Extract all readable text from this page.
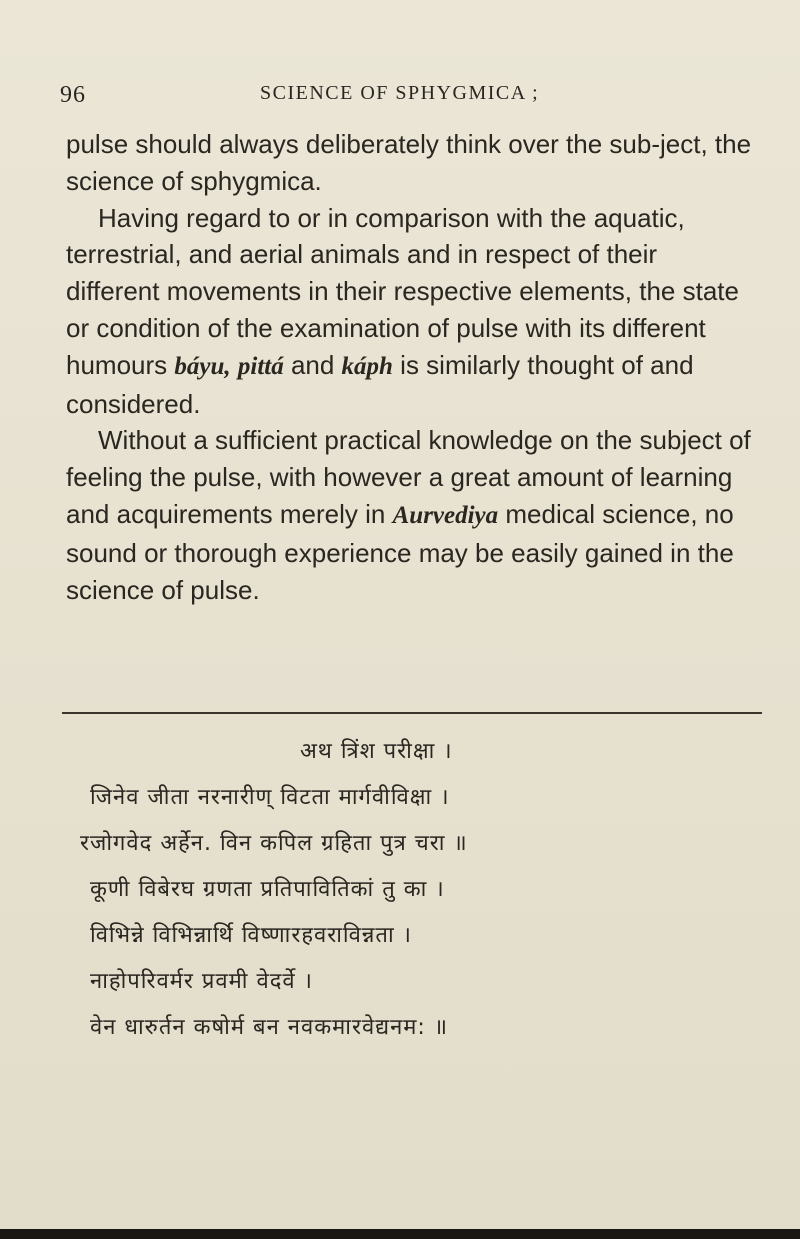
96	SCIENCE OF SPHYGMICA ;

pulse should always deliberately think over the sub-ject, the science of sphygmica.

Having regard to or in comparison with the aquatic, terrestrial, and aerial animals and in respect of their different movements in their respective elements, the state or condition of the examination of pulse with its different humours báyu, pittá and káph is similarly thought of and considered.

Without a sufficient practical knowledge on the subject of feeling the pulse, with however a great amount of learning and acquirements merely in Aurvediya medical science, no sound or thorough experience may be easily gained in the science of pulse.

अथ त्रिंश परीक्षा ।
जिनेव जीता नरनारीण् विटता मार्गवीविक्षा ।
रजोगवेद अर्हेन. विन कपिल ग्रहिता पुत्र चरा ॥
कूणी विबेरघ ग्रणता प्रतिपावितिकां तु का ।
विभिन्ने विभिन्नार्थि विष्णारहवराविन्नता ।
नाहोपरिवर्मर प्रवमी वेदर्वे ।
वेन धारुर्तन कषोर्म बन नवकमारवेद्यनम: ॥
